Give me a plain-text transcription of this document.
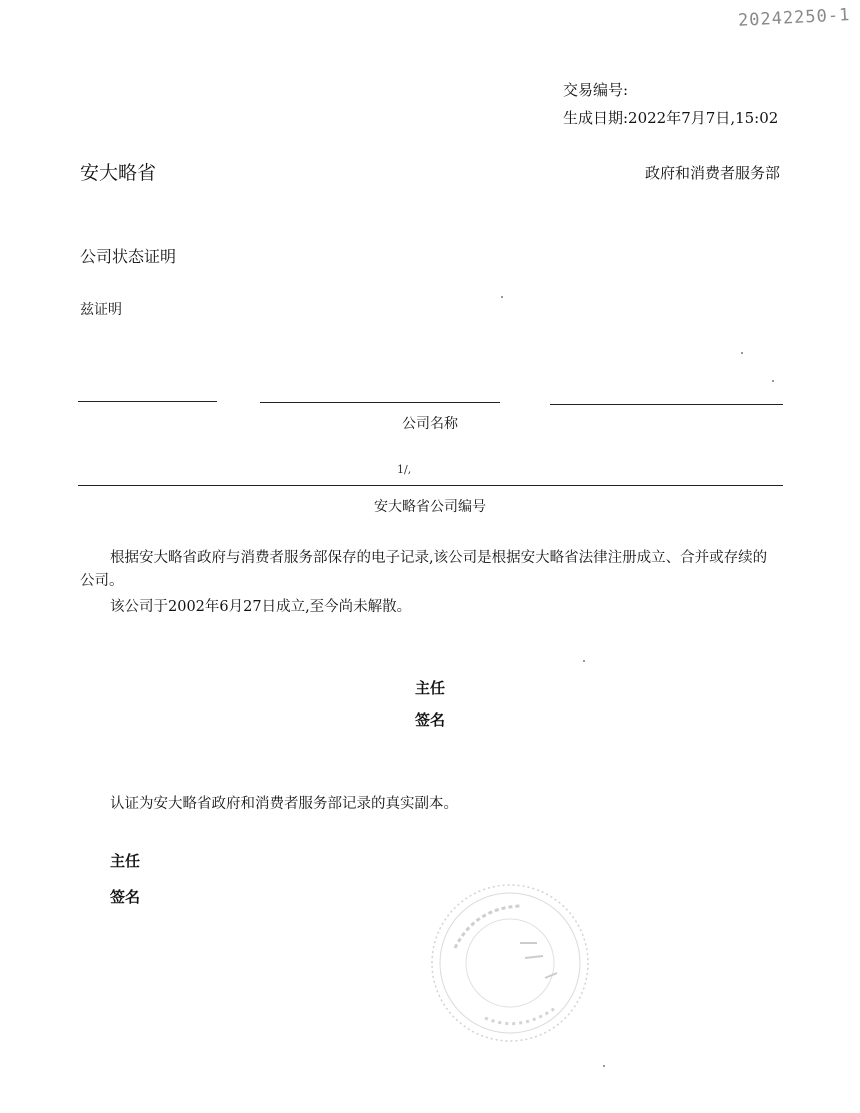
20242250-1
交易编号:
生成日期:2022年7月7日,15:02
安大略省	政府和消费者服务部
公司状态证明
兹证明
公司名称
1/,
安大略省公司编号
根据安大略省政府与消费者服务部保存的电子记录,该公司是根据安大略省法律注册成立、合并或存续的公司。
该公司于2002年6月27日成立,至今尚未解散。
主任
签名
认证为安大略省政府和消费者服务部记录的真实副本。
主任
签名
